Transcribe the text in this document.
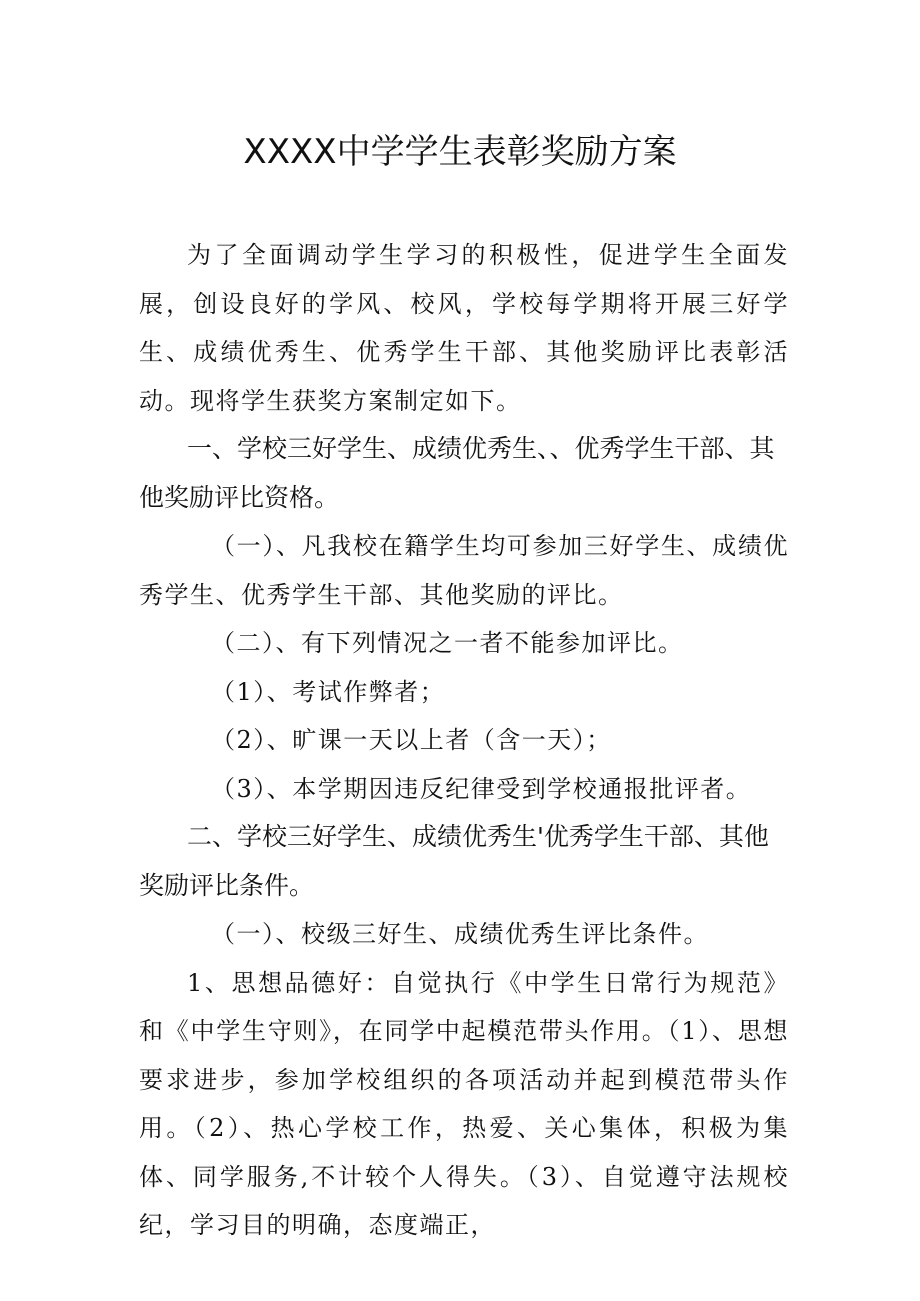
XXXX中学学生表彰奖励方案

为了全面调动学生学习的积极性，促进学生全面发展，创设良好的学风、校风，学校每学期将开展三好学生、成绩优秀生、优秀学生干部、其他奖励评比表彰活动。现将学生获奖方案制定如下。

一、学校三好学生、成绩优秀生、、优秀学生干部、其他奖励评比资格。

（一）、凡我校在籍学生均可参加三好学生、成绩优秀学生、优秀学生干部、其他奖励的评比。

（二）、有下列情况之一者不能参加评比。

（1）、考试作弊者；

（2）、旷课一天以上者（含一天）；

（3）、本学期因违反纪律受到学校通报批评者。

二、学校三好学生、成绩优秀生'优秀学生干部、其他奖励评比条件。

（一）、校级三好生、成绩优秀生评比条件。

1、思想品德好：自觉执行《中学生日常行为规范》和《中学生守则》，在同学中起模范带头作用。（1）、思想要求进步，参加学校组织的各项活动并起到模范带头作用。（2）、热心学校工作，热爱、关心集体，积极为集体、同学服务,不计较个人得失。（3）、自觉遵守法规校纪，学习目的明确，态度端正，
